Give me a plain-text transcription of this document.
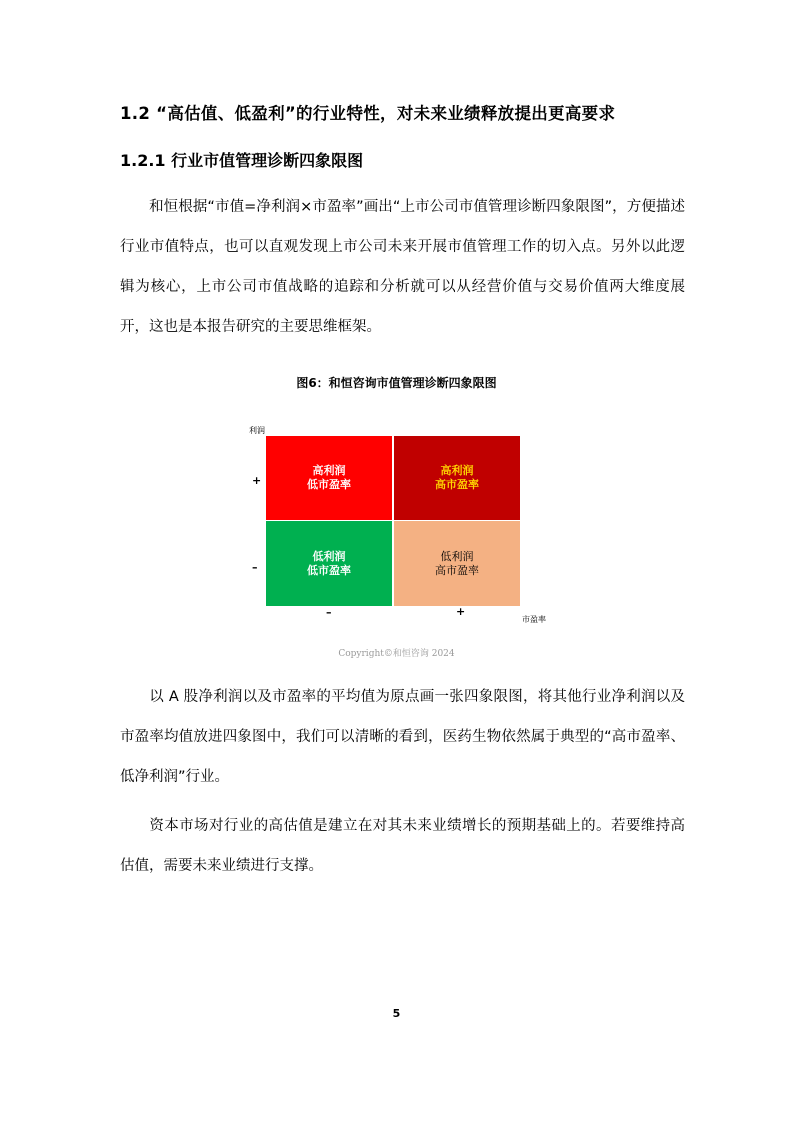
1.2 “高估值、低盈利”的行业特性，对未来业绩释放提出更高要求
1.2.1 行业市值管理诊断四象限图

和恒根据“市值=净利润×市盈率”画出“上市公司市值管理诊断四象限图”，方便描述行业市值特点，也可以直观发现上市公司未来开展市值管理工作的切入点。另外以此逻辑为核心，上市公司市值战略的追踪和分析就可以从经营价值与交易价值两大维度展开，这也是本报告研究的主要思维框架。

图6：和恒咨询市值管理诊断四象限图
利润
+
–
高利润
低市盈率
高利润
高市盈率
低利润
低市盈率
低利润
高市盈率
–	+
市盈率
Copyright©和恒咨询 2024

以 A 股净利润以及市盈率的平均值为原点画一张四象限图，将其他行业净利润以及市盈率均值放进四象图中，我们可以清晰的看到，医药生物依然属于典型的“高市盈率、低净利润”行业。

资本市场对行业的高估值是建立在对其未来业绩增长的预期基础上的。若要维持高估值，需要未来业绩进行支撑。

5
